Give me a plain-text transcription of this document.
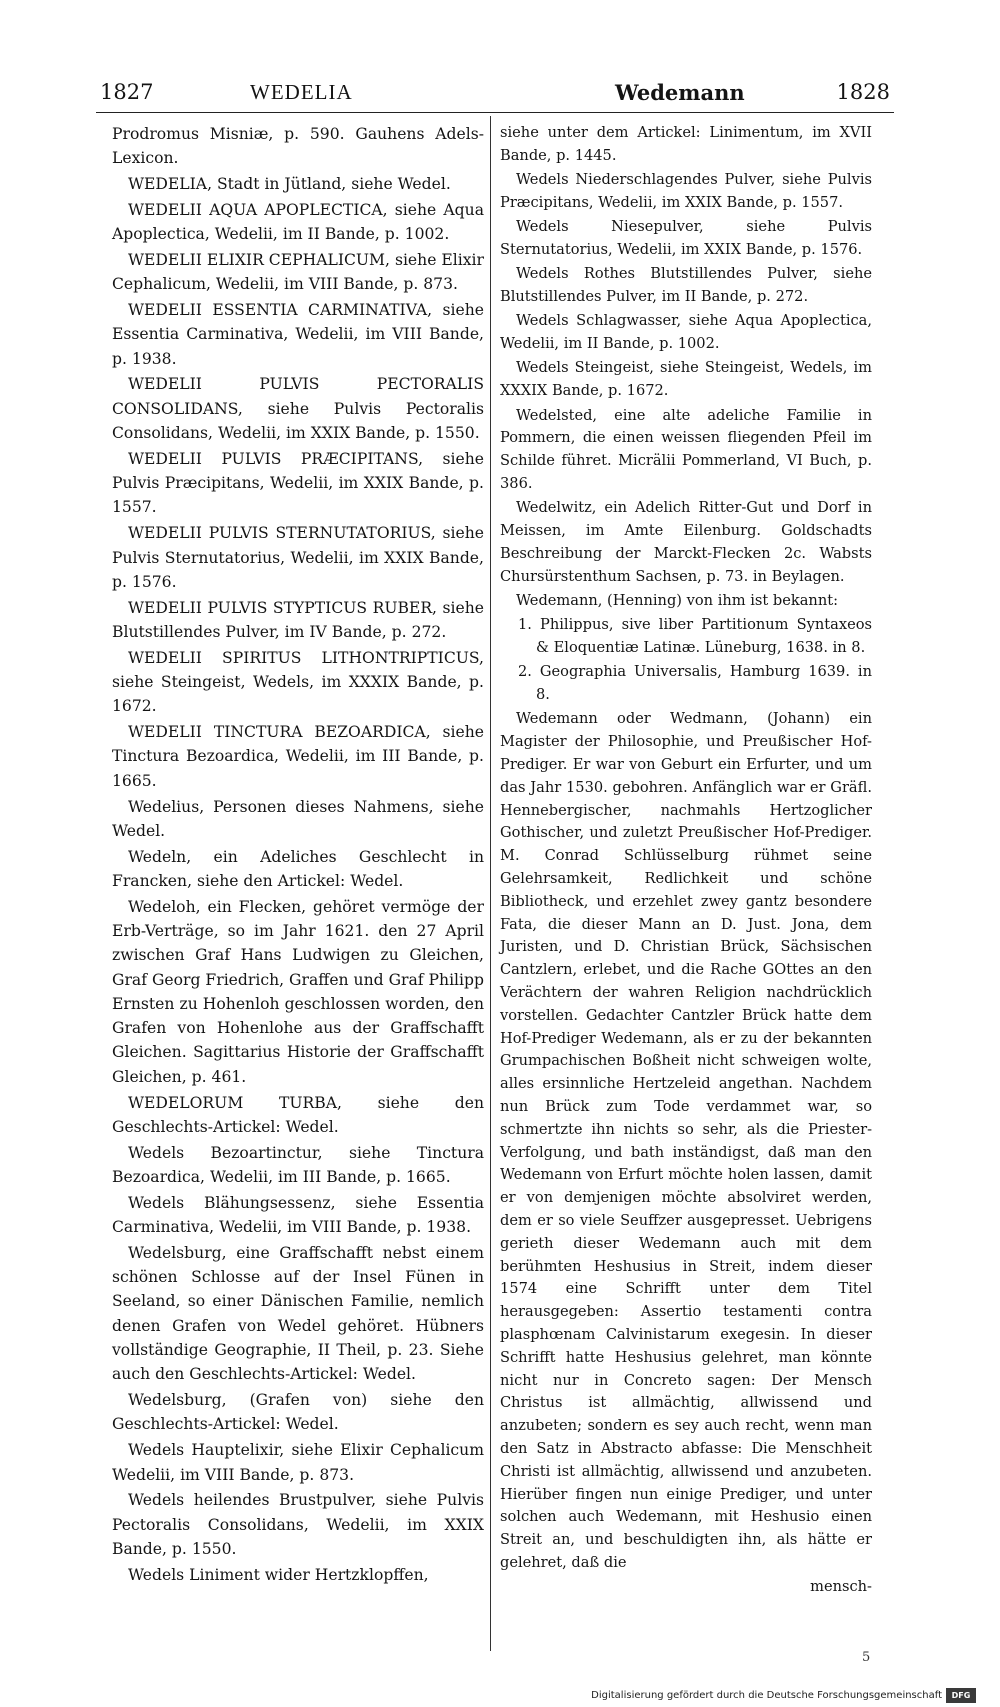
1827	WEDELIA	Wedemann	1828

Prodromus Misniæ, p. 590. Gauhens Adels-Lexicon.

WEDELIA, Stadt in Jütland, siehe Wedel.

WEDELII AQUA APOPLECTICA, siehe Aqua Apoplectica, Wedelii, im II Bande, p. 1002.

WEDELII ELIXIR CEPHALICUM, siehe Elixir Cephalicum, Wedelii, im VIII Bande, p. 873.

WEDELII ESSENTIA CARMINATIVA, siehe Essentia Carminativa, Wedelii, im VIII Bande, p. 1938.

WEDELII PULVIS PECTORALIS CONSOLIDANS, siehe Pulvis Pectoralis Consolidans, Wedelii, im XXIX Bande, p. 1550.

WEDELII PULVIS PRÆCIPITANS, siehe Pulvis Præcipitans, Wedelii, im XXIX Bande, p. 1557.

WEDELII PULVIS STERNUTATORIUS, siehe Pulvis Sternutatorius, Wedelii, im XXIX Bande, p. 1576.

WEDELII PULVIS STYPTICUS RUBER, siehe Blutstillendes Pulver, im IV Bande, p. 272.

WEDELII SPIRITUS LITHONTRIPTICUS, siehe Steingeist, Wedels, im XXXIX Bande, p. 1672.

WEDELII TINCTURA BEZOARDICA, siehe Tinctura Bezoardica, Wedelii, im III Bande, p. 1665.

Wedelius, Personen dieses Nahmens, siehe Wedel.

Wedeln, ein Adeliches Geschlecht in Francken, siehe den Artickel: Wedel.

Wedeloh, ein Flecken, gehöret vermöge der Erb-Verträge, so im Jahr 1621. den 27 April zwischen Graf Hans Ludwigen zu Gleichen, Graf Georg Friedrich, Graffen und Graf Philipp Ernsten zu Hohenloh geschlossen worden, den Grafen von Hohenlohe aus der Graffschafft Gleichen. Sagittarius Historie der Graffschafft Gleichen, p. 461.

WEDELORUM TURBA, siehe den Geschlechts-Artickel: Wedel.

Wedels Bezoartinctur, siehe Tinctura Bezoardica, Wedelii, im III Bande, p. 1665.

Wedels Blähungsessenz, siehe Essentia Carminativa, Wedelii, im VIII Bande, p. 1938.

Wedelsburg, eine Graffschafft nebst einem schönen Schlosse auf der Insel Fünen in Seeland, so einer Dänischen Familie, nemlich denen Grafen von Wedel gehöret. Hübners vollständige Geographie, II Theil, p. 23. Siehe auch den Geschlechts-Artickel: Wedel.

Wedelsburg, (Grafen von) siehe den Geschlechts-Artickel: Wedel.

Wedels Hauptelixir, siehe Elixir Cephalicum Wedelii, im VIII Bande, p. 873.

Wedels heilendes Brustpulver, siehe Pulvis Pectoralis Consolidans, Wedelii, im XXIX Bande, p. 1550.

Wedels Liniment wider Hertzklopffen,

siehe unter dem Artickel: Linimentum, im XVII Bande, p. 1445.

Wedels Niederschlagendes Pulver, siehe Pulvis Præcipitans, Wedelii, im XXIX Bande, p. 1557.

Wedels Niesepulver, siehe Pulvis Sternutatorius, Wedelii, im XXIX Bande, p. 1576.

Wedels Rothes Blutstillendes Pulver, siehe Blutstillendes Pulver, im II Bande, p. 272.

Wedels Schlagwasser, siehe Aqua Apoplectica, Wedelii, im II Bande, p. 1002.

Wedels Steingeist, siehe Steingeist, Wedels, im XXXIX Bande, p. 1672.

Wedelsted, eine alte adeliche Familie in Pommern, die einen weissen fliegenden Pfeil im Schilde führet. Micrälii Pommerland, VI Buch, p. 386.

Wedelwitz, ein Adelich Ritter-Gut und Dorf in Meissen, im Amte Eilenburg. Goldschadts Beschreibung der Marckt-Flecken 2c. Wabsts Chursürstenthum Sachsen, p. 73. in Beylagen.

Wedemann, (Henning) von ihm ist bekannt:

1. Philippus, sive liber Partitionum Syntaxeos & Eloquentiæ Latinæ. Lüneburg, 1638. in 8.

2. Geographia Universalis, Hamburg 1639. in 8.

Wedemann oder Wedmann, (Johann) ein Magister der Philosophie, und Preußischer Hof-Prediger. Er war von Geburt ein Erfurter, und um das Jahr 1530. gebohren. Anfänglich war er Gräfl. Hennebergischer, nachmahls Hertzoglicher Gothischer, und zuletzt Preußischer Hof-Prediger. M. Conrad Schlüsselburg rühmet seine Gelehrsamkeit, Redlichkeit und schöne Bibliotheck, und erzehlet zwey gantz besondere Fata, die dieser Mann an D. Just. Jona, dem Juristen, und D. Christian Brück, Sächsischen Cantzlern, erlebet, und die Rache GOttes an den Verächtern der wahren Religion nachdrücklich vorstellen. Gedachter Cantzler Brück hatte dem Hof-Prediger Wedemann, als er zu der bekannten Grumpachischen Boßheit nicht schweigen wolte, alles ersinnliche Hertzeleid angethan. Nachdem nun Brück zum Tode verdammet war, so schmertzte ihn nichts so sehr, als die Priester-Verfolgung, und bath inständigst, daß man den Wedemann von Erfurt möchte holen lassen, damit er von demjenigen möchte absolviret werden, dem er so viele Seuffzer ausgepresset. Uebrigens gerieth dieser Wedemann auch mit dem berühmten Heshusius in Streit, indem dieser 1574 eine Schrifft unter dem Titel herausgegeben: Assertio testamenti contra plasphœnam Calvinistarum exegesin. In dieser Schrifft hatte Heshusius gelehret, man könnte nicht nur in Concreto sagen: Der Mensch Christus ist allmächtig, allwissend und anzubeten; sondern es sey auch recht, wenn man den Satz in Abstracto abfasse: Die Menschheit Christi ist allmächtig, allwissend und anzubeten. Hierüber fingen nun einige Prediger, und unter solchen auch Wedemann, mit Heshusio einen Streit an, und beschuldigten ihn, als hätte er gelehret, daß die

mensch-

5
Digitalisierung gefördert durch die Deutsche Forschungsgemeinschaft	DFG
